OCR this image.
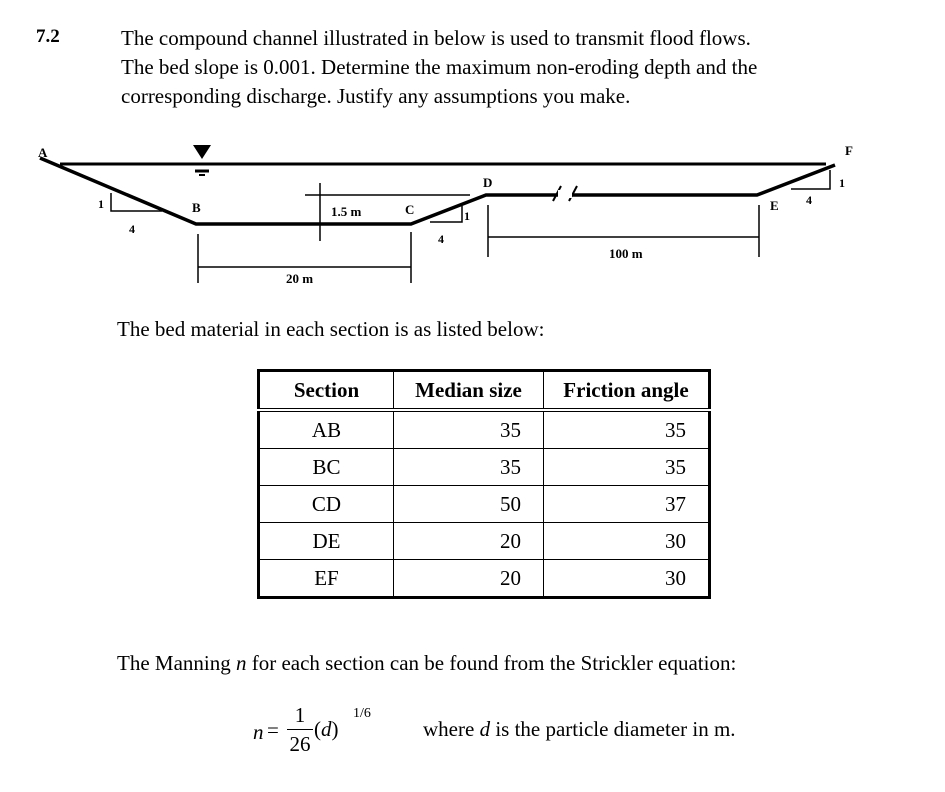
7.2	The compound channel illustrated in below is used to transmit flood flows.
The bed slope is 0.001. Determine the maximum non-eroding depth and the
corresponding discharge. Justify any assumptions you make.
A
B	C
D
E
F
1
4
1
4
1
4
1.5 m
20 m
100 m
The bed material in each section is as listed below:
Section	Median size	Friction angle
AB	35	35
BC	35	35
CD	50	37
DE	20	30
EF	20	30
The Manning n for each section can be found from the Strickler equation:
n =
1
26
(d)
1/6
where d is the particle diameter in m.
